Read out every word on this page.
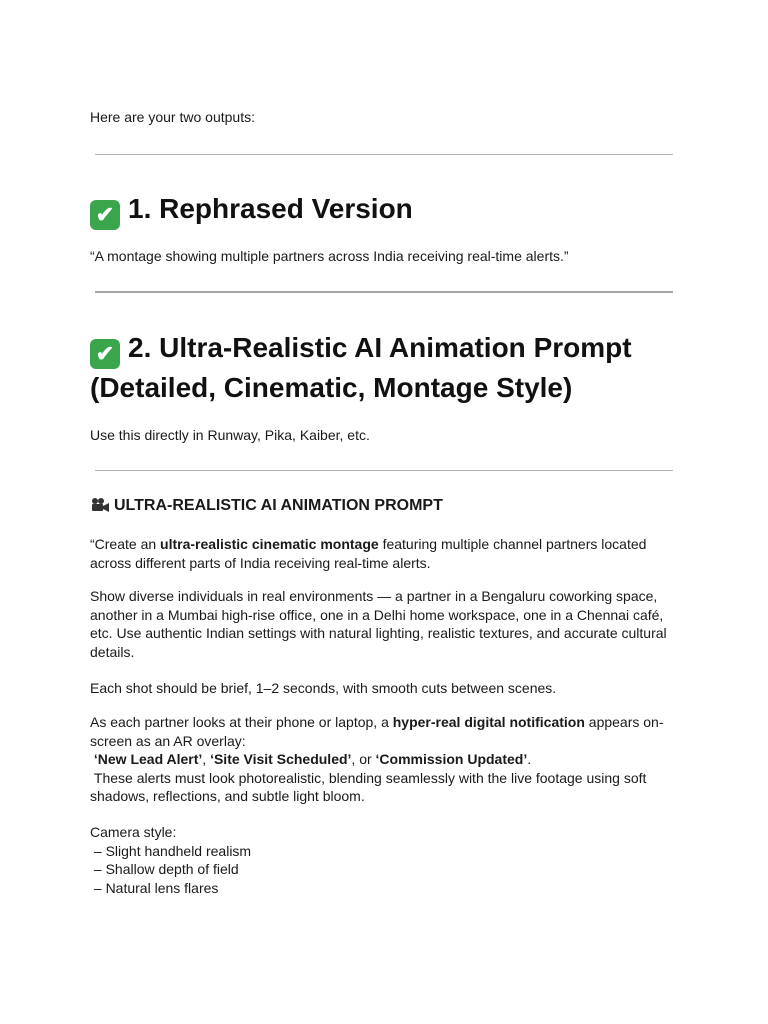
Here are your two outputs:

✔ 1. Rephrased Version

“A montage showing multiple partners across India receiving real-time alerts.”

✔ 2. Ultra-Realistic AI Animation Prompt (Detailed, Cinematic, Montage Style)

Use this directly in Runway, Pika, Kaiber, etc.

ULTRA-REALISTIC AI ANIMATION PROMPT

“Create an ultra-realistic cinematic montage featuring multiple channel partners located across different parts of India receiving real-time alerts.

Show diverse individuals in real environments — a partner in a Bengaluru coworking space, another in a Mumbai high-rise office, one in a Delhi home workspace, one in a Chennai café, etc. Use authentic Indian settings with natural lighting, realistic textures, and accurate cultural details.

Each shot should be brief, 1–2 seconds, with smooth cuts between scenes.

As each partner looks at their phone or laptop, a hyper-real digital notification appears on-screen as an AR overlay:
‘New Lead Alert’, ‘Site Visit Scheduled’, or ‘Commission Updated’.
These alerts must look photorealistic, blending seamlessly with the live footage using soft shadows, reflections, and subtle light bloom.

Camera style:
– Slight handheld realism
– Shallow depth of field
– Natural lens flares
